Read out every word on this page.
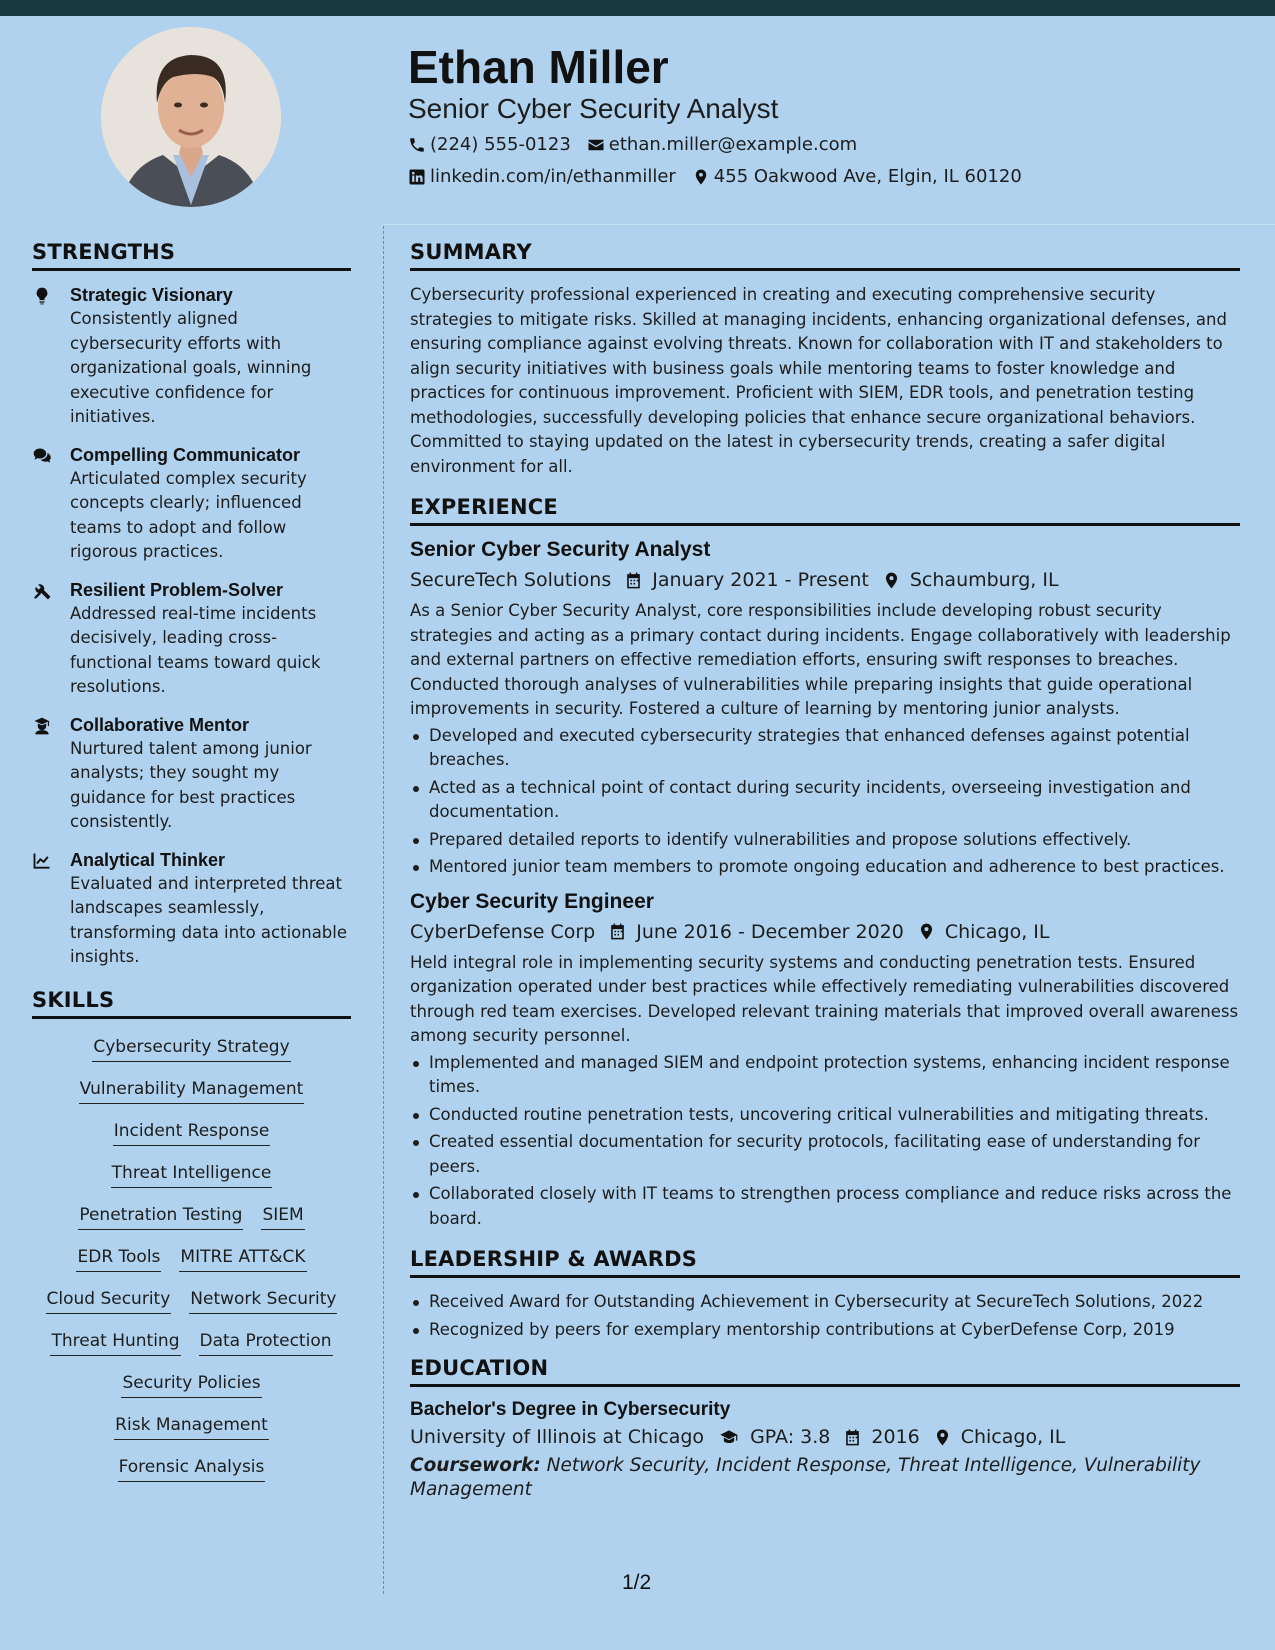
Ethan Miller
Senior Cyber Security Analyst
(224) 555-0123 ethan.miller@example.com
linkedin.com/in/ethanmiller 455 Oakwood Ave, Elgin, IL 60120
STRENGTHS
Strategic Visionary
Consistently aligned cybersecurity efforts with organizational goals, winning executive confidence for initiatives.
Compelling Communicator
Articulated complex security concepts clearly; influenced teams to adopt and follow rigorous practices.
Resilient Problem-Solver
Addressed real-time incidents decisively, leading cross-functional teams toward quick resolutions.
Collaborative Mentor
Nurtured talent among junior analysts; they sought my guidance for best practices consistently.
Analytical Thinker
Evaluated and interpreted threat landscapes seamlessly, transforming data into actionable insights.
SKILLS
Cybersecurity Strategy
Vulnerability Management
Incident Response
Threat Intelligence
Penetration Testing SIEM
EDR Tools MITRE ATT&CK
Cloud Security Network Security
Threat Hunting Data Protection
Security Policies
Risk Management
Forensic Analysis
SUMMARY
Cybersecurity professional experienced in creating and executing comprehensive security strategies to mitigate risks. Skilled at managing incidents, enhancing organizational defenses, and ensuring compliance against evolving threats. Known for collaboration with IT and stakeholders to align security initiatives with business goals while mentoring teams to foster knowledge and practices for continuous improvement. Proficient with SIEM, EDR tools, and penetration testing methodologies, successfully developing policies that enhance secure organizational behaviors. Committed to staying updated on the latest in cybersecurity trends, creating a safer digital environment for all.
EXPERIENCE
Senior Cyber Security Analyst
SecureTech Solutions January 2021 - Present Schaumburg, IL
As a Senior Cyber Security Analyst, core responsibilities include developing robust security strategies and acting as a primary contact during incidents. Engage collaboratively with leadership and external partners on effective remediation efforts, ensuring swift responses to breaches. Conducted thorough analyses of vulnerabilities while preparing insights that guide operational improvements in security. Fostered a culture of learning by mentoring junior analysts.
Developed and executed cybersecurity strategies that enhanced defenses against potential breaches.
Acted as a technical point of contact during security incidents, overseeing investigation and documentation.
Prepared detailed reports to identify vulnerabilities and propose solutions effectively.
Mentored junior team members to promote ongoing education and adherence to best practices.
Cyber Security Engineer
CyberDefense Corp June 2016 - December 2020 Chicago, IL
Held integral role in implementing security systems and conducting penetration tests. Ensured organization operated under best practices while effectively remediating vulnerabilities discovered through red team exercises. Developed relevant training materials that improved overall awareness among security personnel.
Implemented and managed SIEM and endpoint protection systems, enhancing incident response times.
Conducted routine penetration tests, uncovering critical vulnerabilities and mitigating threats.
Created essential documentation for security protocols, facilitating ease of understanding for peers.
Collaborated closely with IT teams to strengthen process compliance and reduce risks across the board.
LEADERSHIP & AWARDS
Received Award for Outstanding Achievement in Cybersecurity at SecureTech Solutions, 2022
Recognized by peers for exemplary mentorship contributions at CyberDefense Corp, 2019
EDUCATION
Bachelor's Degree in Cybersecurity
University of Illinois at Chicago GPA: 3.8 2016 Chicago, IL
Coursework: Network Security, Incident Response, Threat Intelligence, Vulnerability Management
1/2
